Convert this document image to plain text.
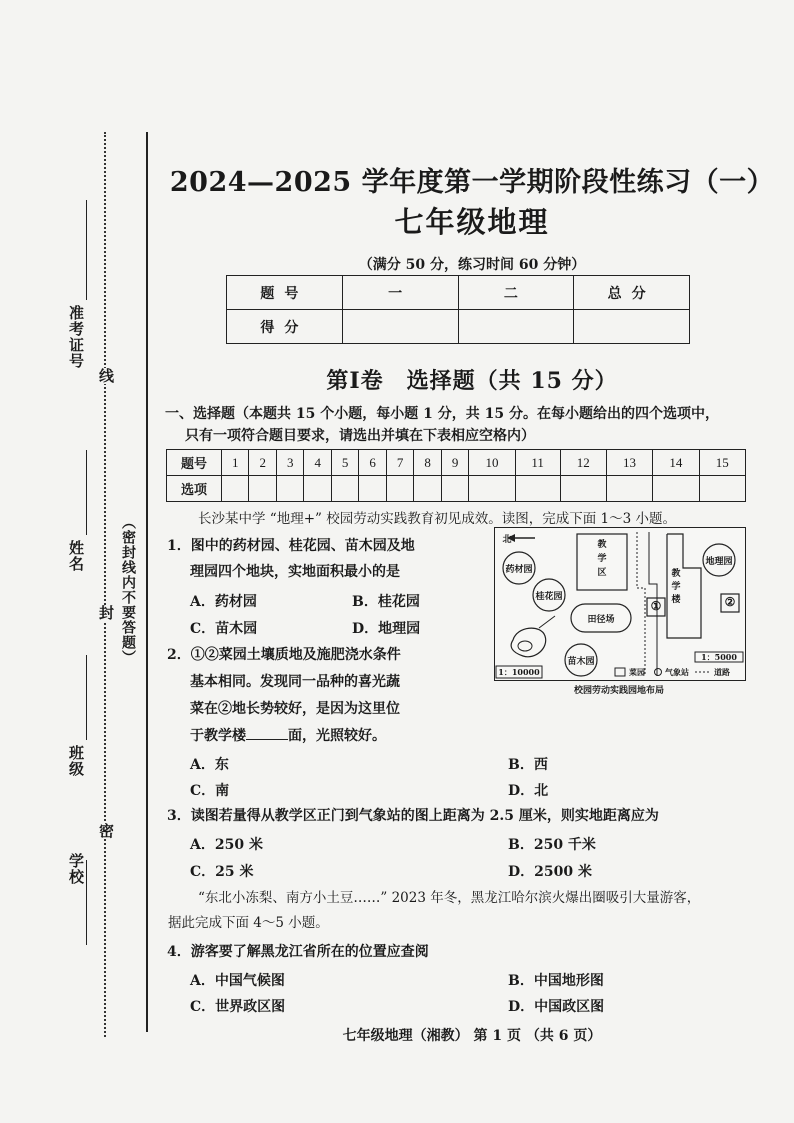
准考证号
姓名
班级
学校
线
封
密
（密封线内不要答题）
2024—2025 学年度第一学期阶段性练习（一）
七年级地理
（满分 50 分，练习时间 60 分钟）
题号	一	二	总分
得分			
第Ⅰ卷　选择题（共 15 分）
一、选择题（本题共 15 个小题，每小题 1 分，共 15 分。在每小题给出的四个选项中，
只有一项符合题目要求，请选出并填在下表相应空格内）
题号	1	2	3	4	5	6	7	8	9	10	11	12	13	14	15
选项															
长沙某中学 “地理+” 校园劳动实践教育初见成效。读图，完成下面 1～3 小题。
1．图中的药材园、桂花园、苗木园及地
理园四个地块，实地面积最小的是
A．药材园	B．桂花园
C．苗木园	D．地理园
2．①②菜园土壤质地及施肥浇水条件
基本相同。发现同一品种的喜光蔬
菜在②地长势较好，是因为这里位
于教学楼	面，光照较好。
A．东	B．西
C．南	D．北
3．读图若量得从教学区正门到气象站的图上距离为 2.5 厘米，则实地距离应为
A．250 米	B．250 千米
C．25 米	D．2500 米
“东北小冻梨、南方小土豆……” 2023 年冬，黑龙江哈尔滨火爆出圈吸引大量游客，
据此完成下面 4～5 小题。
4．游客要了解黑龙江省所在的位置应查阅
A．中国气候图	B．中国地形图
C．世界政区图	D．中国政区图
北	教学区	教学楼
药材园
桂花园
地理园
苗木园
田径场
①	②
1：10000
1：5000
菜园	气象站	道路
校园劳动实践园地布局
七年级地理（湘教） 第 1 页 （共 6 页）
